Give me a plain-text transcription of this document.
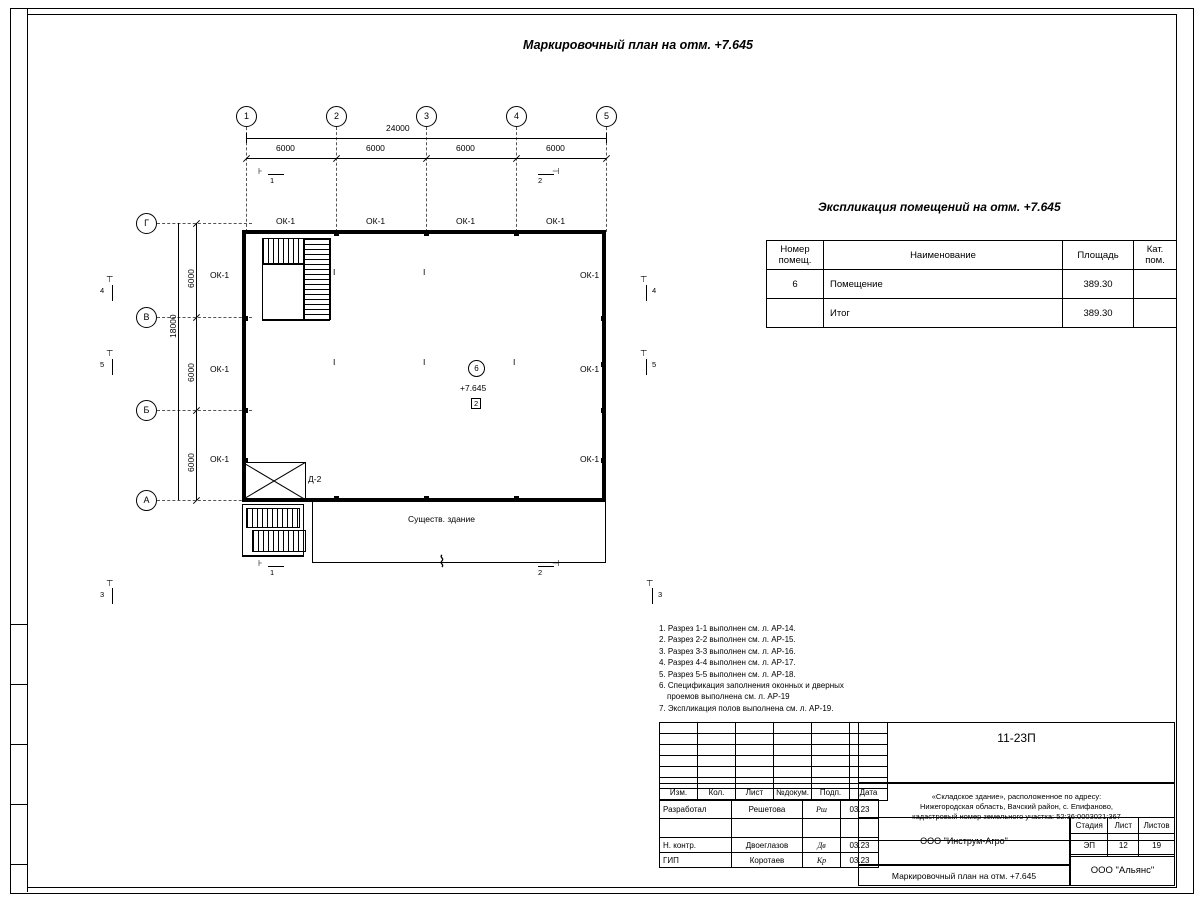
Маркировочный план на отм. +7.645
Экспликация помещений на отм. +7.645
1	2	3	4	5
24000
6000	6000	6000	6000
1
⊦
2
⊣
Г
В
Б
А
18000
6000
6000
6000
4
⊤
5
⊤
4
⊤
5
⊤
⌇
Существ. здание
Ⅰ	Ⅰ
Ⅰ	Ⅰ	Ⅰ
Ⅰ
Д-2
6
+7.645
2
ОК-1	ОК-1	ОК-1	ОК-1
ОК-1
ОК-1
ОК-1
ОК-1
ОК-1
ОК-1
1
⊦
2
⊣
3
⊤
3
⊤
Номер помещ.	Наименование	Площадь	Кат. пом.
6	Помещение	389.30	
	Итог	389.30	
1. Разрез 1-1 выполнен см. л. АР-14.
2. Разрез 2-2 выполнен см. л. АР-15.
3. Разрез 3-3 выполнен см. л. АР-16.
4. Разрез 4-4 выполнен см. л. АР-17.
5. Разрез 5-5 выполнен см. л. АР-18.
6. Спецификация заполнения оконных и дверных
проемов выполнена см. л. АР-19
7. Экспликация полов выполнена см. л. АР-19.

11-23П
Изм.	Кол.	Лист	№докум.	Подп.	Дата	«Складское здание», расположенное по адресу:
Нижегородская область, Вачский район, с. Епифаново,
кадастровый номер земельного участка: 52:36:0003021:367
Разработал	Решетова	Рш	03.23

Н. контр.	Двоеглазов	Дв	03.23
ГИП	Коротаев	Кр	03.23
ООО "Инструм-Агро"
Маркировочный план на отм. +7.645
Стадия	Лист	Листов
ЭП	12	19
ООО "Альянс"
